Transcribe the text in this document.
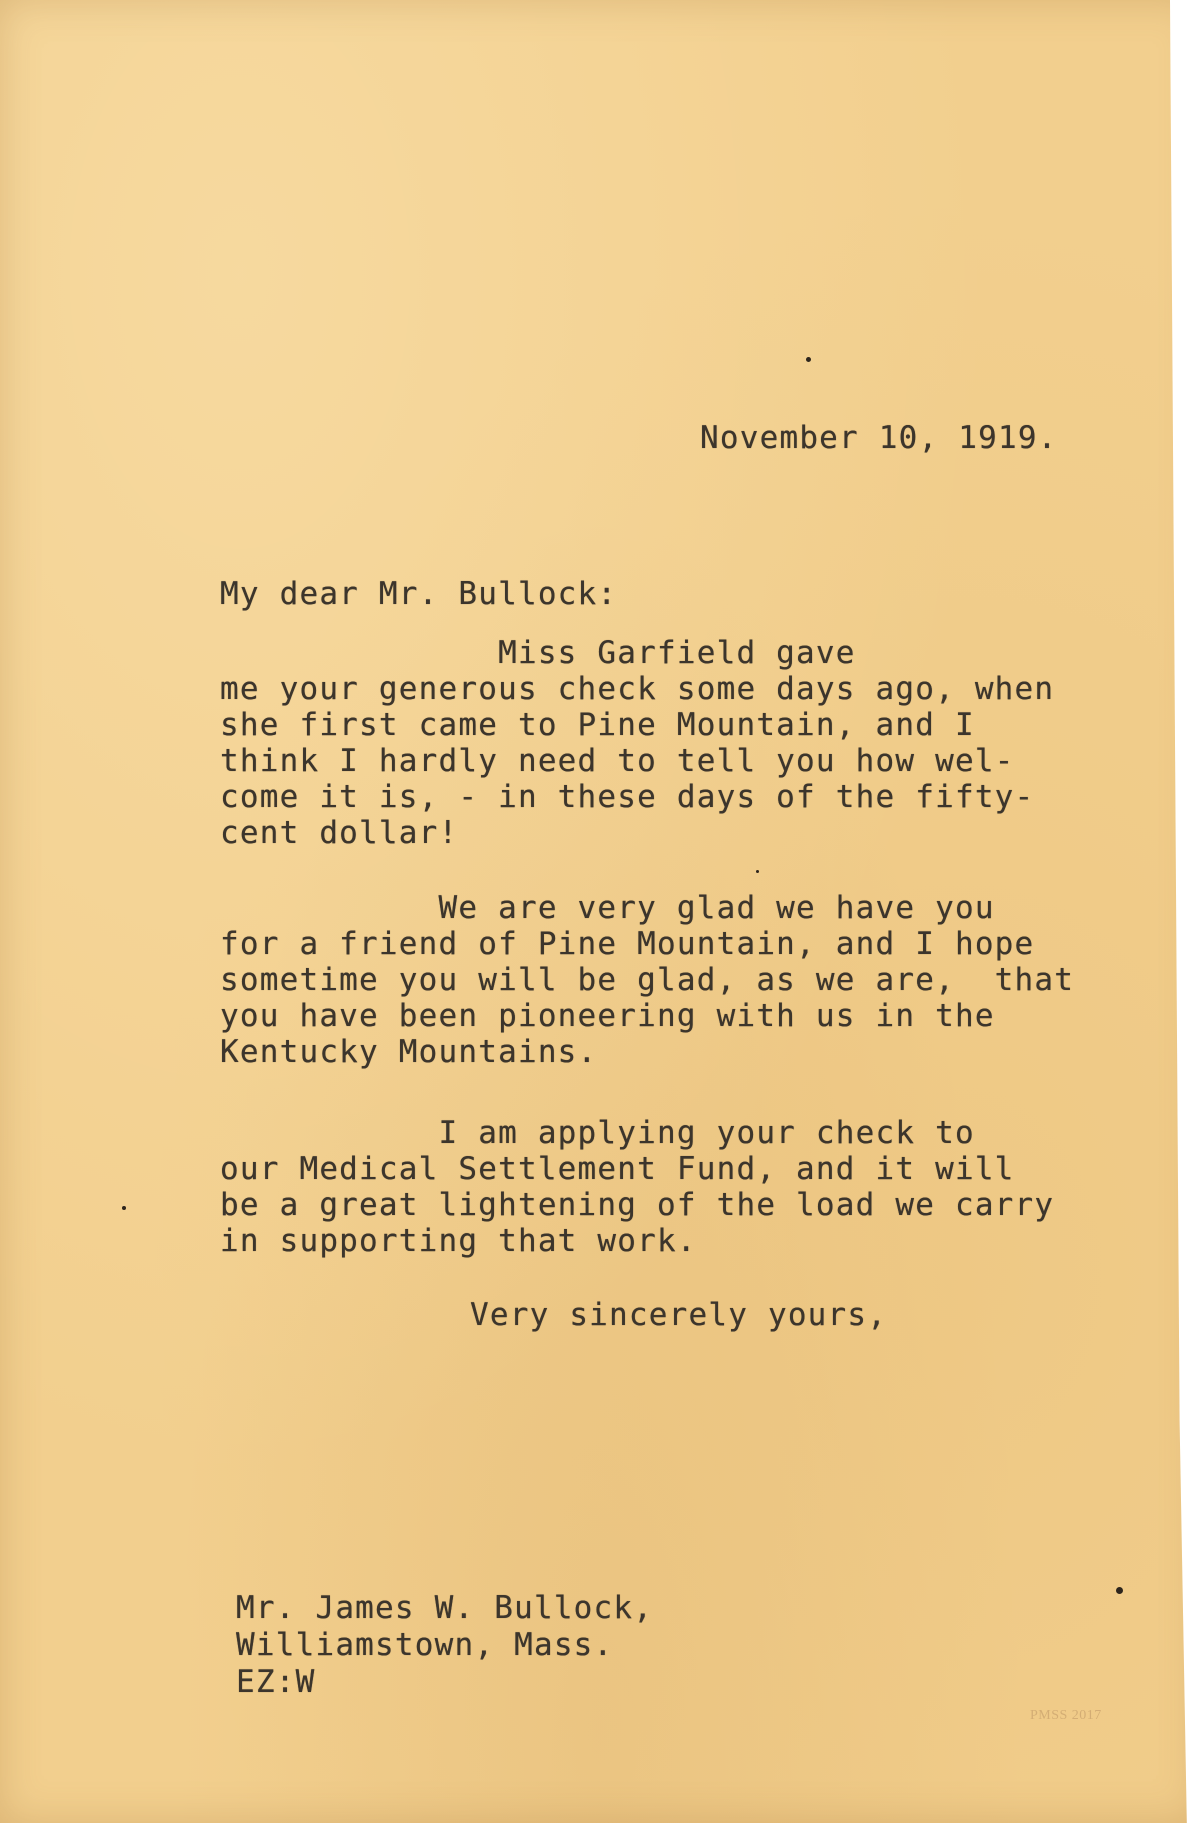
November 10, 1919.
My dear Mr. Bullock:
Miss Garfield gave
me your generous check some days ago, when
she first came to Pine Mountain, and I
think I hardly need to tell you how wel-
come it is, - in these days of the fifty-
cent dollar!
We are very glad we have you
for a friend of Pine Mountain, and I hope
sometime you will be glad, as we are,  that
you have been pioneering with us in the
Kentucky Mountains.
I am applying your check to
our Medical Settlement Fund, and it will
be a great lightening of the load we carry
in supporting that work.
Very sincerely yours,
Mr. James W. Bullock,
Williamstown, Mass.
EZ:W
PMSS 2017
